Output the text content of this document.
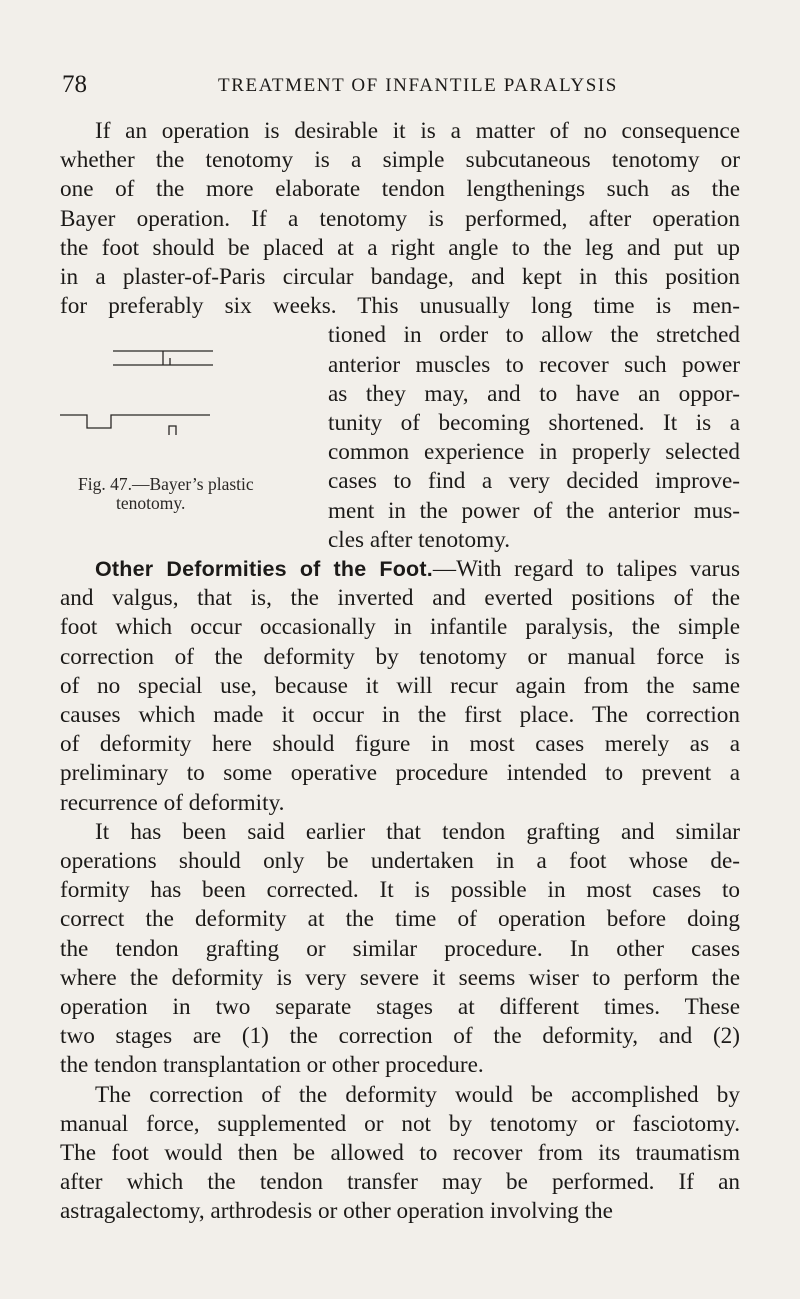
78	TREATMENT OF INFANTILE PARALYSIS
If an operation is desirable it is a matter of no consequence
whether the tenotomy is a simple subcutaneous tenotomy or
one of the more elaborate tendon lengthenings such as the
Bayer operation. If a tenotomy is performed, after operation
the foot should be placed at a right angle to the leg and put up
in a plaster-of-Paris circular bandage, and kept in this position
for preferably six weeks. This unusually long time is men-
tioned in order to allow the stretched
anterior muscles to recover such power
as they may, and to have an oppor-
tunity of becoming shortened. It is a
common experience in properly selected
cases to find a very decided improve-
ment in the power of the anterior mus-
cles after tenotomy.
Fig. 47.—Bayer’s plastic
tenotomy.
Other Deformities of the Foot.—With regard to talipes varus
and valgus, that is, the inverted and everted positions of the
foot which occur occasionally in infantile paralysis, the simple
correction of the deformity by tenotomy or manual force is
of no special use, because it will recur again from the same
causes which made it occur in the first place. The correction
of deformity here should figure in most cases merely as a
preliminary to some operative procedure intended to prevent a
recurrence of deformity.
It has been said earlier that tendon grafting and similar
operations should only be undertaken in a foot whose de-
formity has been corrected. It is possible in most cases to
correct the deformity at the time of operation before doing
the tendon grafting or similar procedure. In other cases
where the deformity is very severe it seems wiser to perform the
operation in two separate stages at different times. These
two stages are (1) the correction of the deformity, and (2)
the tendon transplantation or other procedure.
The correction of the deformity would be accomplished by
manual force, supplemented or not by tenotomy or fasciotomy.
The foot would then be allowed to recover from its traumatism
after which the tendon transfer may be performed. If an
astragalectomy, arthrodesis or other operation involving the
